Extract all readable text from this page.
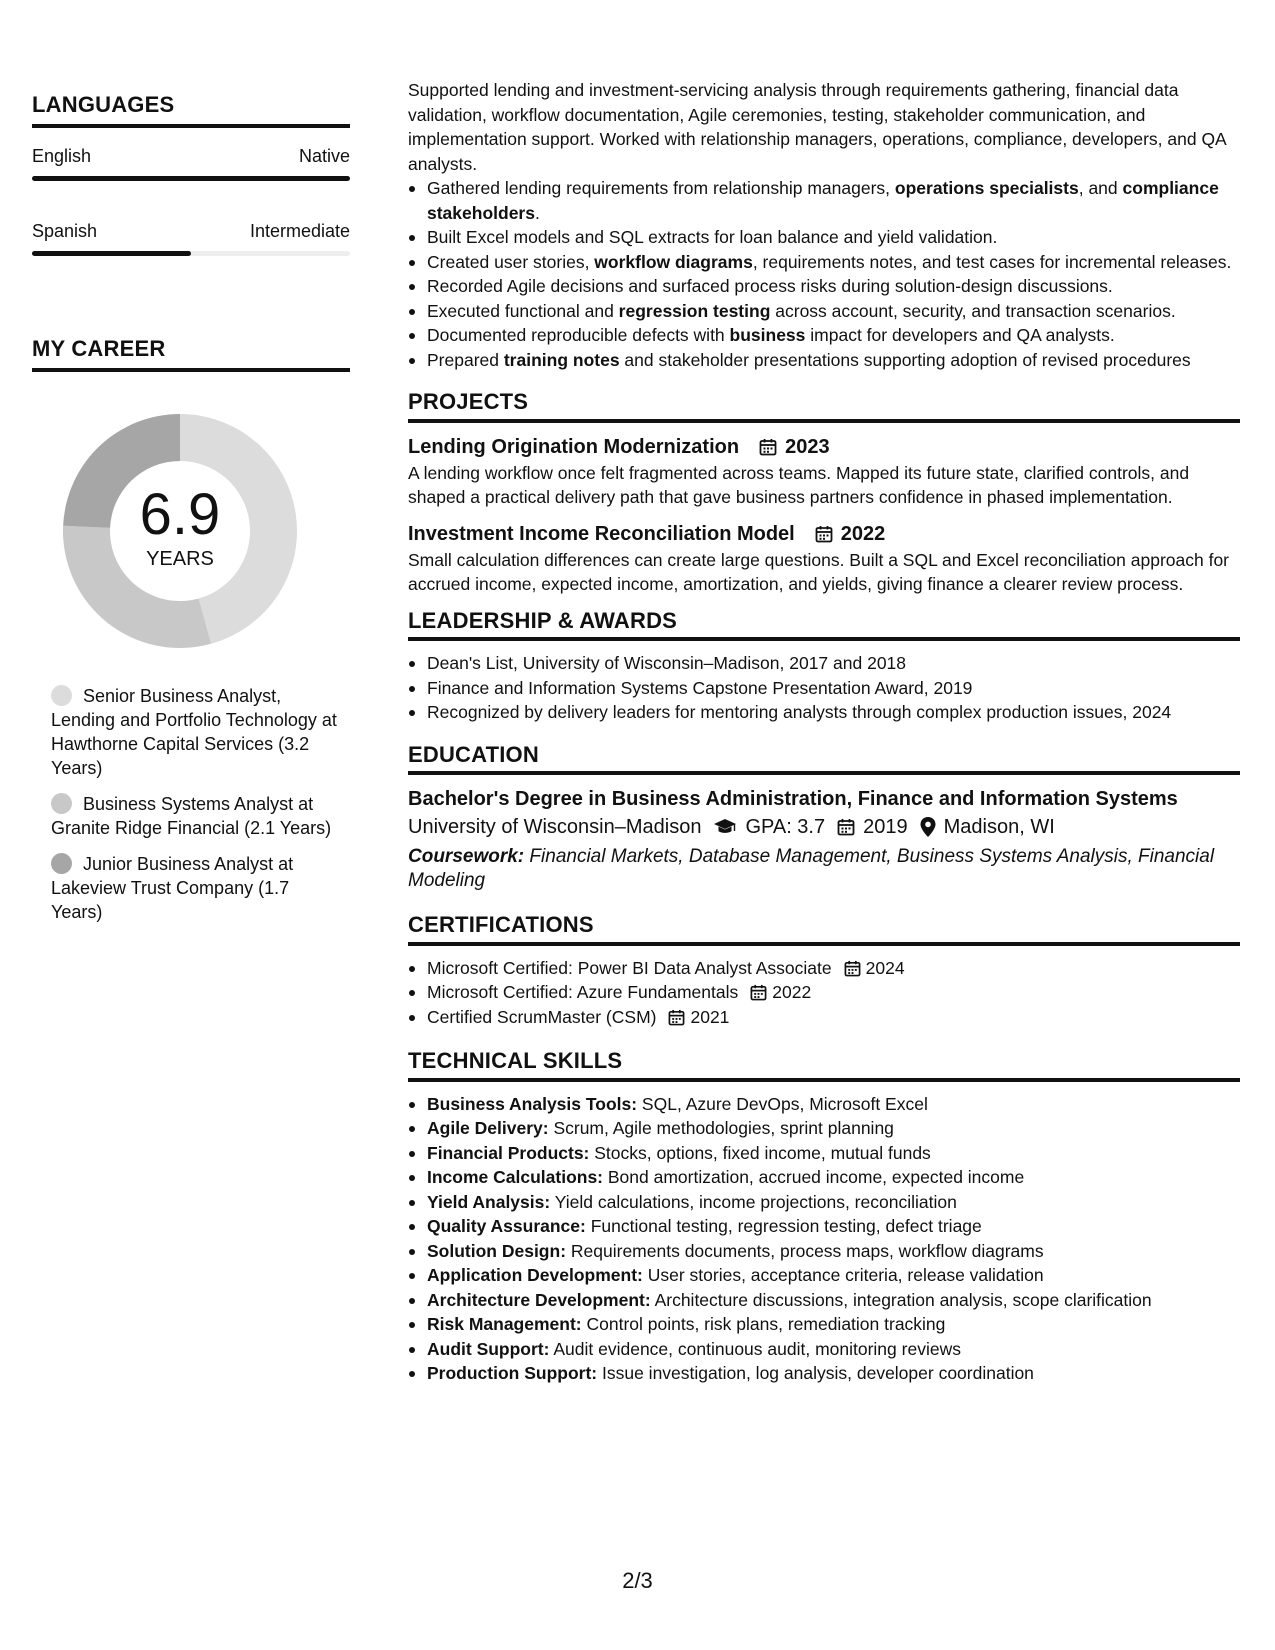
LANGUAGES
English	Native
Spanish	Intermediate
MY CAREER
6.9
YEARS
Senior Business Analyst, Lending and Portfolio Technology at Hawthorne Capital Services (3.2 Years)
Business Systems Analyst at Granite Ridge Financial (2.1 Years)
Junior Business Analyst at Lakeview Trust Company (1.7 Years)
Supported lending and investment-servicing analysis through requirements gathering, financial data validation, workflow documentation, Agile ceremonies, testing, stakeholder communication, and implementation support. Worked with relationship managers, operations, compliance, developers, and QA analysts.
Gathered lending requirements from relationship managers, operations specialists, and compliance stakeholders.
Built Excel models and SQL extracts for loan balance and yield validation.
Created user stories, workflow diagrams, requirements notes, and test cases for incremental releases.
Recorded Agile decisions and surfaced process risks during solution-design discussions.
Executed functional and regression testing across account, security, and transaction scenarios.
Documented reproducible defects with business impact for developers and QA analysts.
Prepared training notes and stakeholder presentations supporting adoption of revised procedures
PROJECTS
Lending Origination Modernization 2023
A lending workflow once felt fragmented across teams. Mapped its future state, clarified controls, and shaped a practical delivery path that gave business partners confidence in phased implementation.
Investment Income Reconciliation Model 2022
Small calculation differences can create large questions. Built a SQL and Excel reconciliation approach for accrued income, expected income, amortization, and yields, giving finance a clearer review process.
LEADERSHIP & AWARDS
Dean's List, University of Wisconsin–Madison, 2017 and 2018
Finance and Information Systems Capstone Presentation Award, 2019
Recognized by delivery leaders for mentoring analysts through complex production issues, 2024
EDUCATION
Bachelor's Degree in Business Administration, Finance and Information Systems
University of Wisconsin–Madison GPA: 3.7 2019 Madison, WI
Coursework: Financial Markets, Database Management, Business Systems Analysis, Financial Modeling
CERTIFICATIONS
Microsoft Certified: Power BI Data Analyst Associate 2024
Microsoft Certified: Azure Fundamentals 2022
Certified ScrumMaster (CSM) 2021
TECHNICAL SKILLS
Business Analysis Tools: SQL, Azure DevOps, Microsoft Excel
Agile Delivery: Scrum, Agile methodologies, sprint planning
Financial Products: Stocks, options, fixed income, mutual funds
Income Calculations: Bond amortization, accrued income, expected income
Yield Analysis: Yield calculations, income projections, reconciliation
Quality Assurance: Functional testing, regression testing, defect triage
Solution Design: Requirements documents, process maps, workflow diagrams
Application Development: User stories, acceptance criteria, release validation
Architecture Development: Architecture discussions, integration analysis, scope clarification
Risk Management: Control points, risk plans, remediation tracking
Audit Support: Audit evidence, continuous audit, monitoring reviews
Production Support: Issue investigation, log analysis, developer coordination
2/3
